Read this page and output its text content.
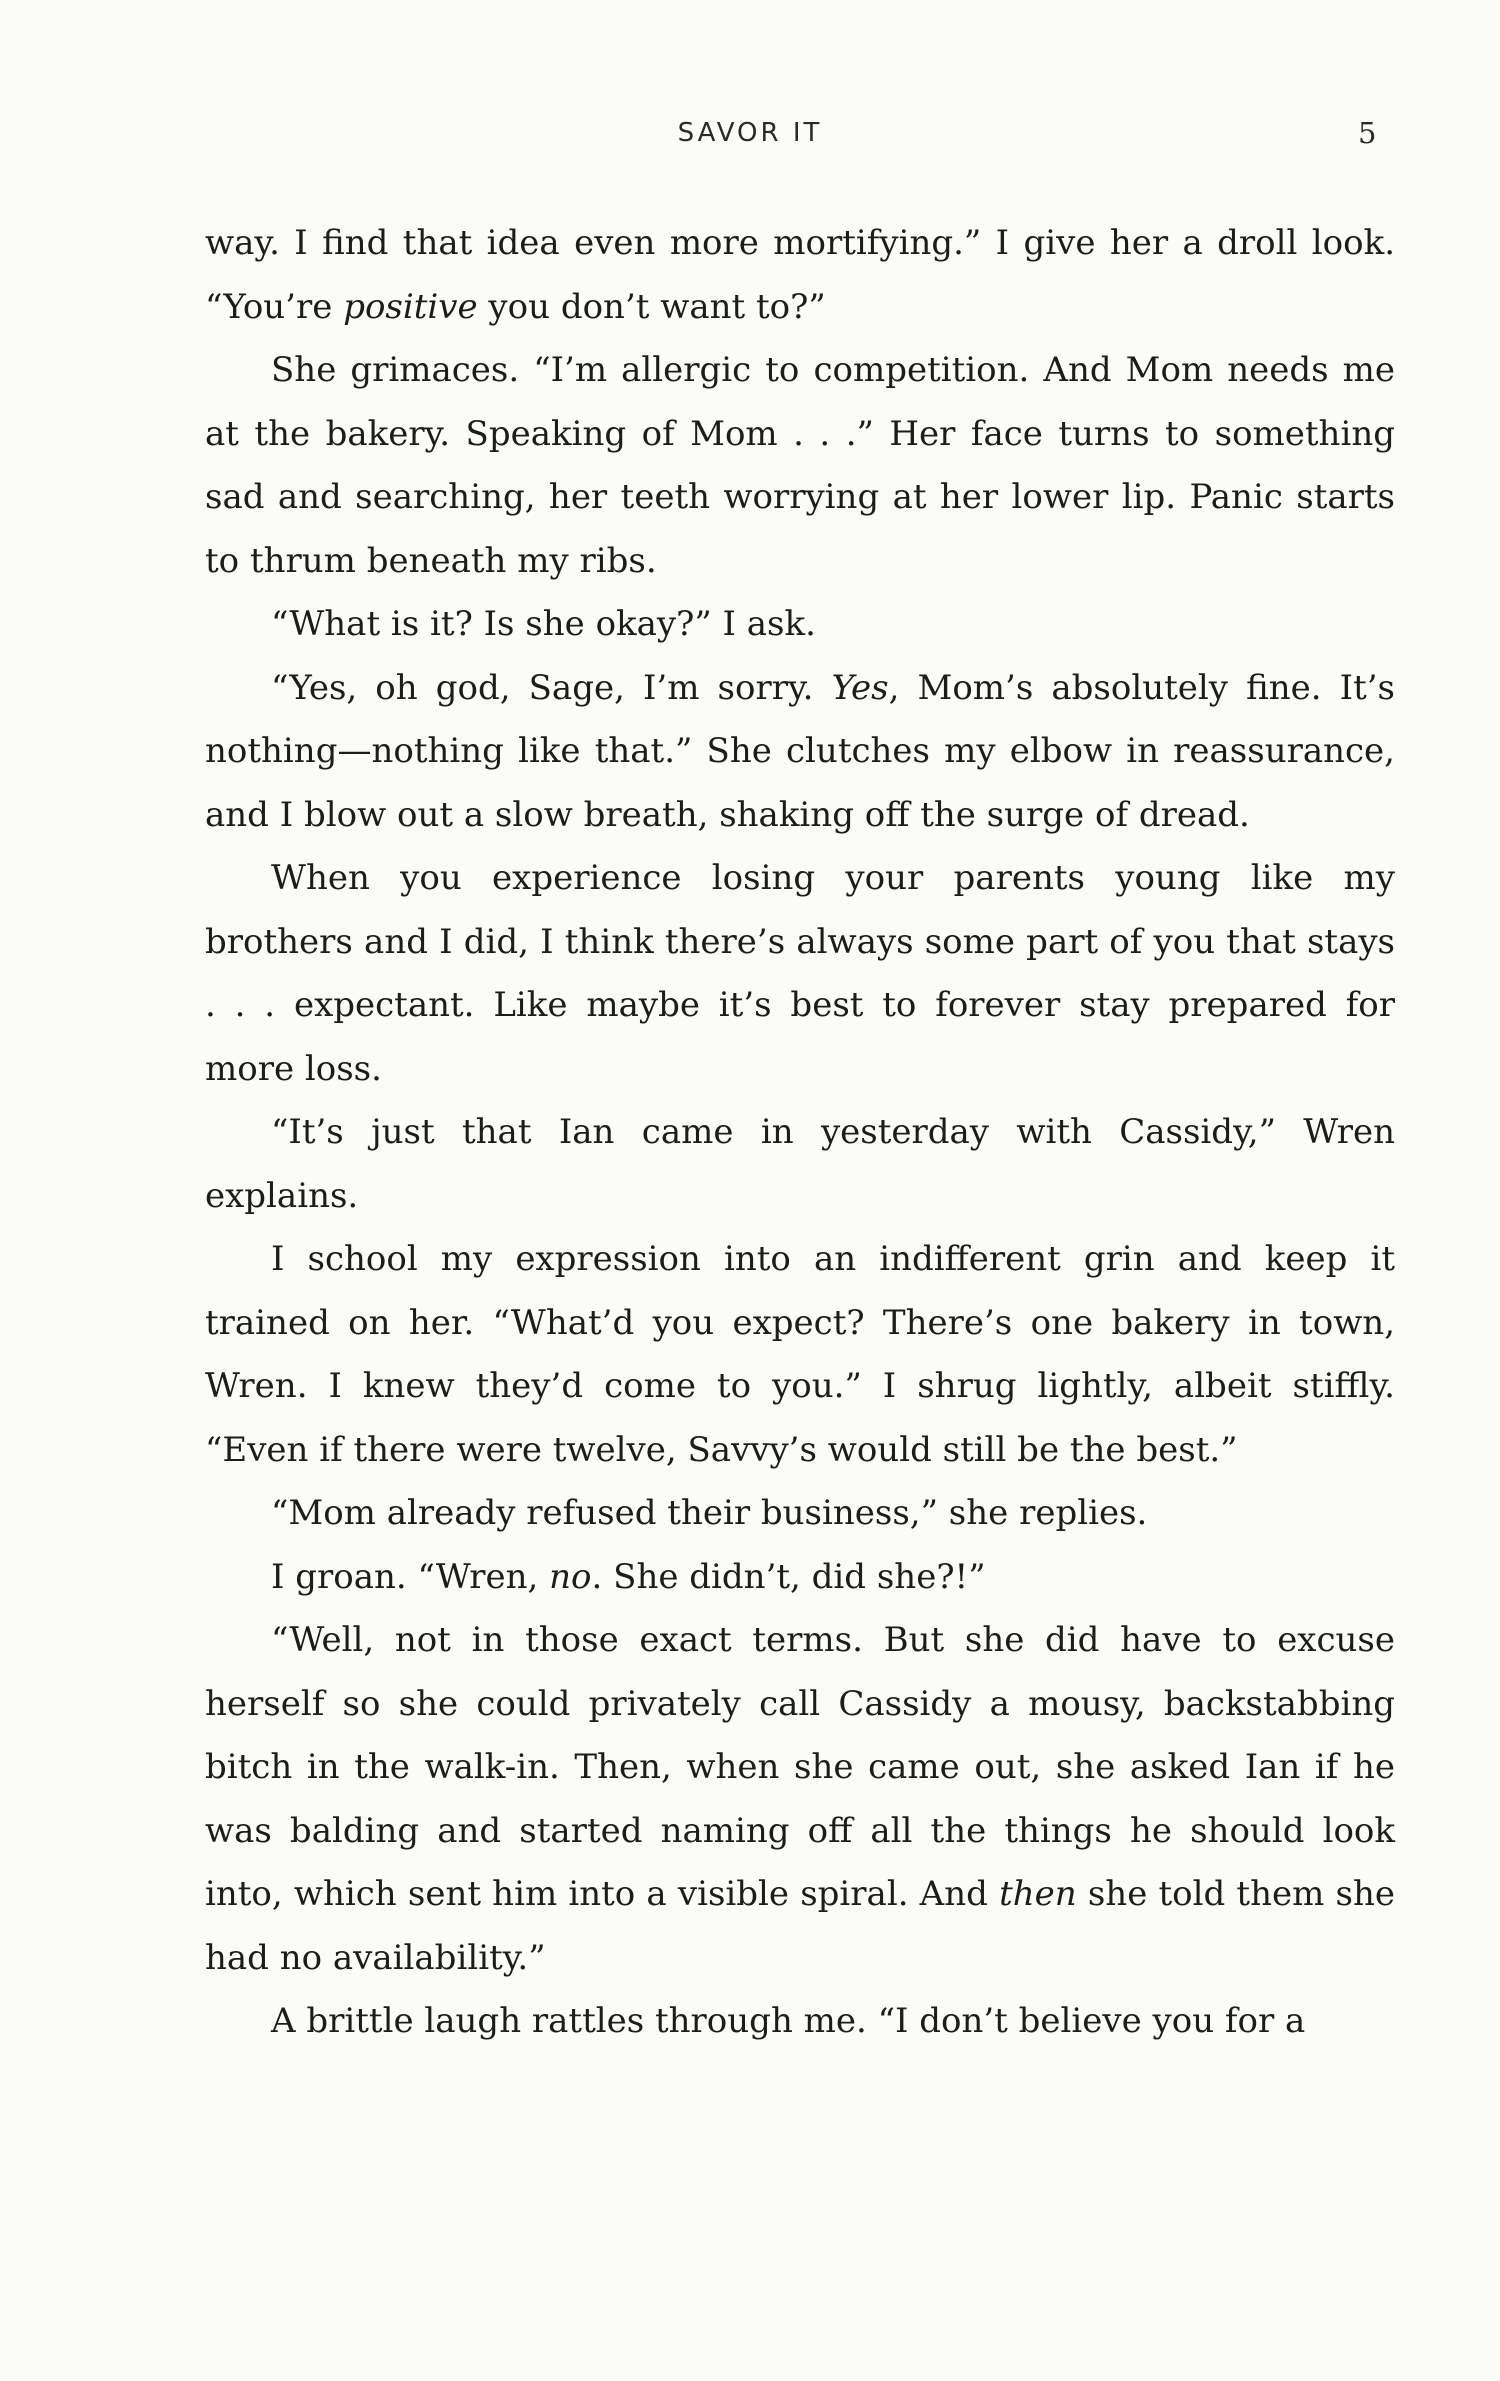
SAVOR IT	5

way. I find that idea even more mortifying.” I give her a droll look. “You’re positive you don’t want to?”

She grimaces. “I’m allergic to competition. And Mom needs me at the bakery. Speaking of Mom . . .” Her face turns to something sad and searching, her teeth worrying at her lower lip. Panic starts to thrum beneath my ribs.

“What is it? Is she okay?” I ask.

“Yes, oh god, Sage, I’m sorry. Yes, Mom’s absolutely fine. It’s nothing—nothing like that.” She clutches my elbow in reassurance, and I blow out a slow breath, shaking off the surge of dread.

When you experience losing your parents young like my brothers and I did, I think there’s always some part of you that stays . . . expectant. Like maybe it’s best to forever stay prepared for more loss.

“It’s just that Ian came in yesterday with Cassidy,” Wren explains.

I school my expression into an indifferent grin and keep it trained on her. “What’d you expect? There’s one bakery in town, Wren. I knew they’d come to you.” I shrug lightly, albeit stiffly. “Even if there were twelve, Savvy’s would still be the best.”

“Mom already refused their business,” she replies.

I groan. “Wren, no. She didn’t, did she?!”

“Well, not in those exact terms. But she did have to excuse herself so she could privately call Cassidy a mousy, backstabbing bitch in the walk-in. Then, when she came out, she asked Ian if he was balding and started naming off all the things he should look into, which sent him into a visible spiral. And then she told them she had no availability.”

A brittle laugh rattles through me. “I don’t believe you for a
